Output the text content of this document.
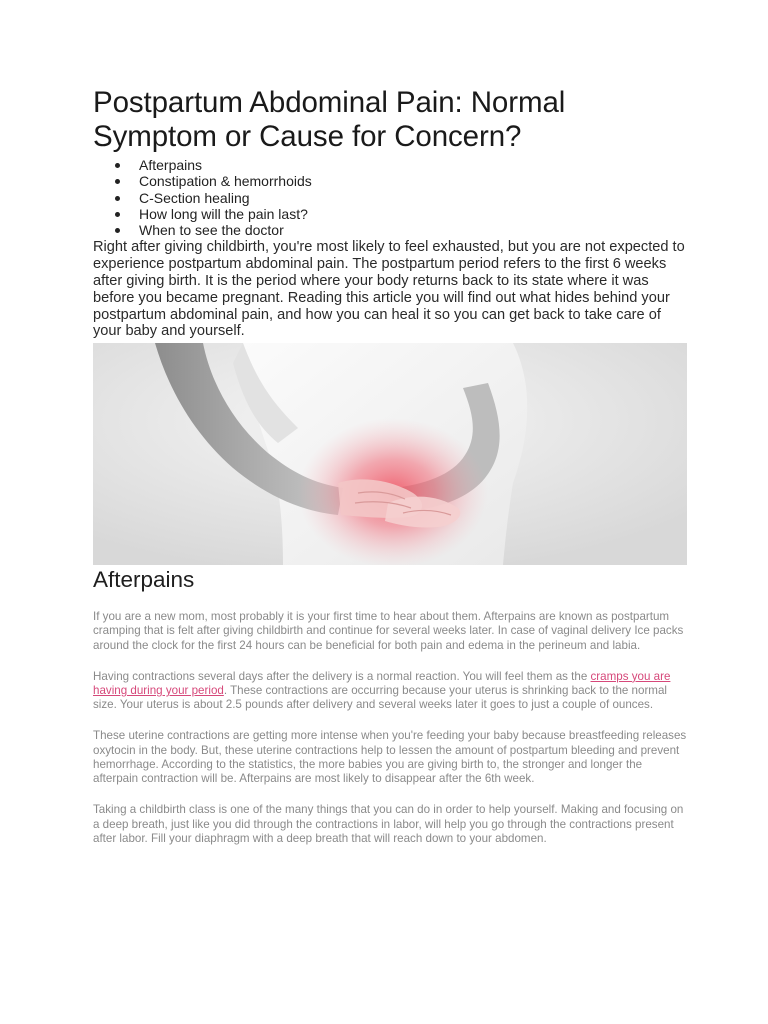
Postpartum Abdominal Pain: Normal
Symptom or Cause for Concern?
Afterpains
Constipation & hemorrhoids
C-Section healing
How long will the pain last?
When to see the doctor

Right after giving childbirth, you're most likely to feel exhausted, but you are not expected to experience postpartum abdominal pain. The postpartum period refers to the first 6 weeks after giving birth. It is the period where your body returns back to its state where it was before you became pregnant. Reading this article you will find out what hides behind your postpartum abdominal pain, and how you can heal it so you can get back to take care of your baby and yourself.

Afterpains

If you are a new mom, most probably it is your first time to hear about them. Afterpains are known as postpartum cramping that is felt after giving childbirth and continue for several weeks later. In case of vaginal delivery Ice packs around the clock for the first 24 hours can be beneficial for both pain and edema in the perineum and labia.

Having contractions several days after the delivery is a normal reaction. You will feel them as the cramps you are having during your period. These contractions are occurring because your uterus is shrinking back to the normal size. Your uterus is about 2.5 pounds after delivery and several weeks later it goes to just a couple of ounces.

These uterine contractions are getting more intense when you're feeding your baby because breastfeeding releases oxytocin in the body. But, these uterine contractions help to lessen the amount of postpartum bleeding and prevent hemorrhage. According to the statistics, the more babies you are giving birth to, the stronger and longer the afterpain contraction will be. Afterpains are most likely to disappear after the 6th week.

Taking a childbirth class is one of the many things that you can do in order to help yourself. Making and focusing on a deep breath, just like you did through the contractions in labor, will help you go through the contractions present after labor. Fill your diaphragm with a deep breath that will reach down to your abdomen.
